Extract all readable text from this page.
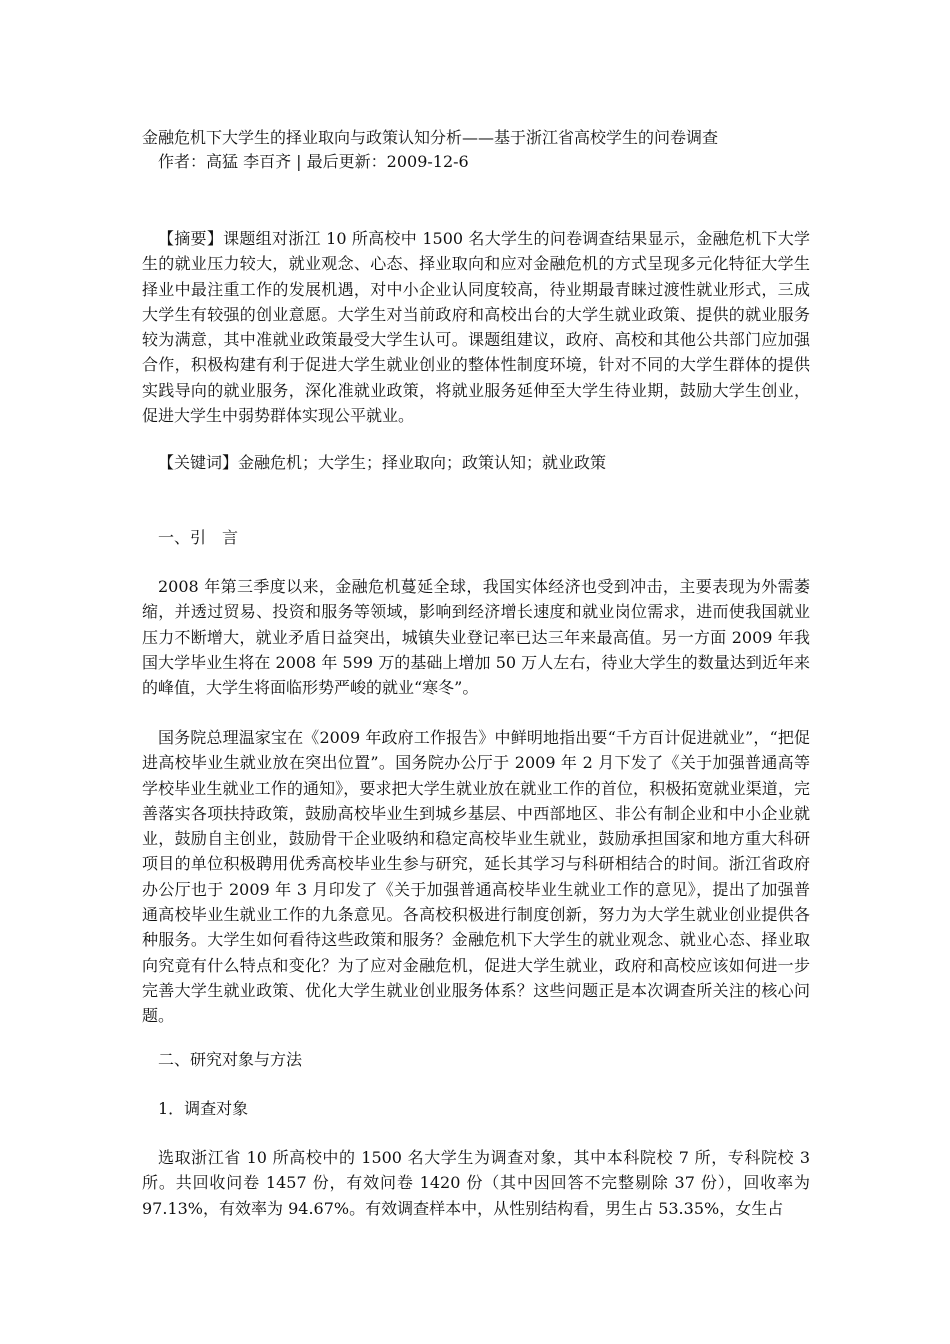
金融危机下大学生的择业取向与政策认知分析——基于浙江省高校学生的问卷调查

作者：高猛 李百齐 | 最后更新：2009-12-6

【摘要】课题组对浙江 10 所高校中 1500 名大学生的问卷调查结果显示，金融危机下大学生的就业压力较大，就业观念、心态、择业取向和应对金融危机的方式呈现多元化特征大学生择业中最注重工作的发展机遇，对中小企业认同度较高，待业期最青睐过渡性就业形式，三成大学生有较强的创业意愿。大学生对当前政府和高校出台的大学生就业政策、提供的就业服务较为满意，其中准就业政策最受大学生认可。课题组建议，政府、高校和其他公共部门应加强合作，积极构建有利于促进大学生就业创业的整体性制度环境，针对不同的大学生群体的提供实践导向的就业服务，深化准就业政策，将就业服务延伸至大学生待业期，鼓励大学生创业，促进大学生中弱势群体实现公平就业。

【关键词】金融危机；大学生；择业取向；政策认知；就业政策

一、引　言

2008 年第三季度以来，金融危机蔓延全球，我国实体经济也受到冲击，主要表现为外需萎缩，并透过贸易、投资和服务等领域，影响到经济增长速度和就业岗位需求，进而使我国就业压力不断增大，就业矛盾日益突出，城镇失业登记率已达三年来最高值。另一方面 2009 年我国大学毕业生将在 2008 年 599 万的基础上增加 50 万人左右，待业大学生的数量达到近年来的峰值，大学生将面临形势严峻的就业“寒冬”。

国务院总理温家宝在《2009 年政府工作报告》中鲜明地指出要“千方百计促进就业”，“把促进高校毕业生就业放在突出位置”。国务院办公厅于 2009 年 2 月下发了《关于加强普通高等学校毕业生就业工作的通知》，要求把大学生就业放在就业工作的首位，积极拓宽就业渠道，完善落实各项扶持政策，鼓励高校毕业生到城乡基层、中西部地区、非公有制企业和中小企业就业，鼓励自主创业，鼓励骨干企业吸纳和稳定高校毕业生就业，鼓励承担国家和地方重大科研项目的单位积极聘用优秀高校毕业生参与研究，延长其学习与科研相结合的时间。浙江省政府办公厅也于 2009 年 3 月印发了《关于加强普通高校毕业生就业工作的意见》，提出了加强普通高校毕业生就业工作的九条意见。各高校积极进行制度创新，努力为大学生就业创业提供各种服务。大学生如何看待这些政策和服务？金融危机下大学生的就业观念、就业心态、择业取向究竟有什么特点和变化？为了应对金融危机，促进大学生就业，政府和高校应该如何进一步完善大学生就业政策、优化大学生就业创业服务体系？这些问题正是本次调查所关注的核心问题。

二、研究对象与方法

1．调查对象

选取浙江省 10 所高校中的 1500 名大学生为调查对象，其中本科院校 7 所，专科院校 3 所。共回收问卷 1457 份，有效问卷 1420 份（其中因回答不完整剔除 37 份），回收率为 97.13%，有效率为 94.67%。有效调查样本中，从性别结构看，男生占 53.35%，女生占
